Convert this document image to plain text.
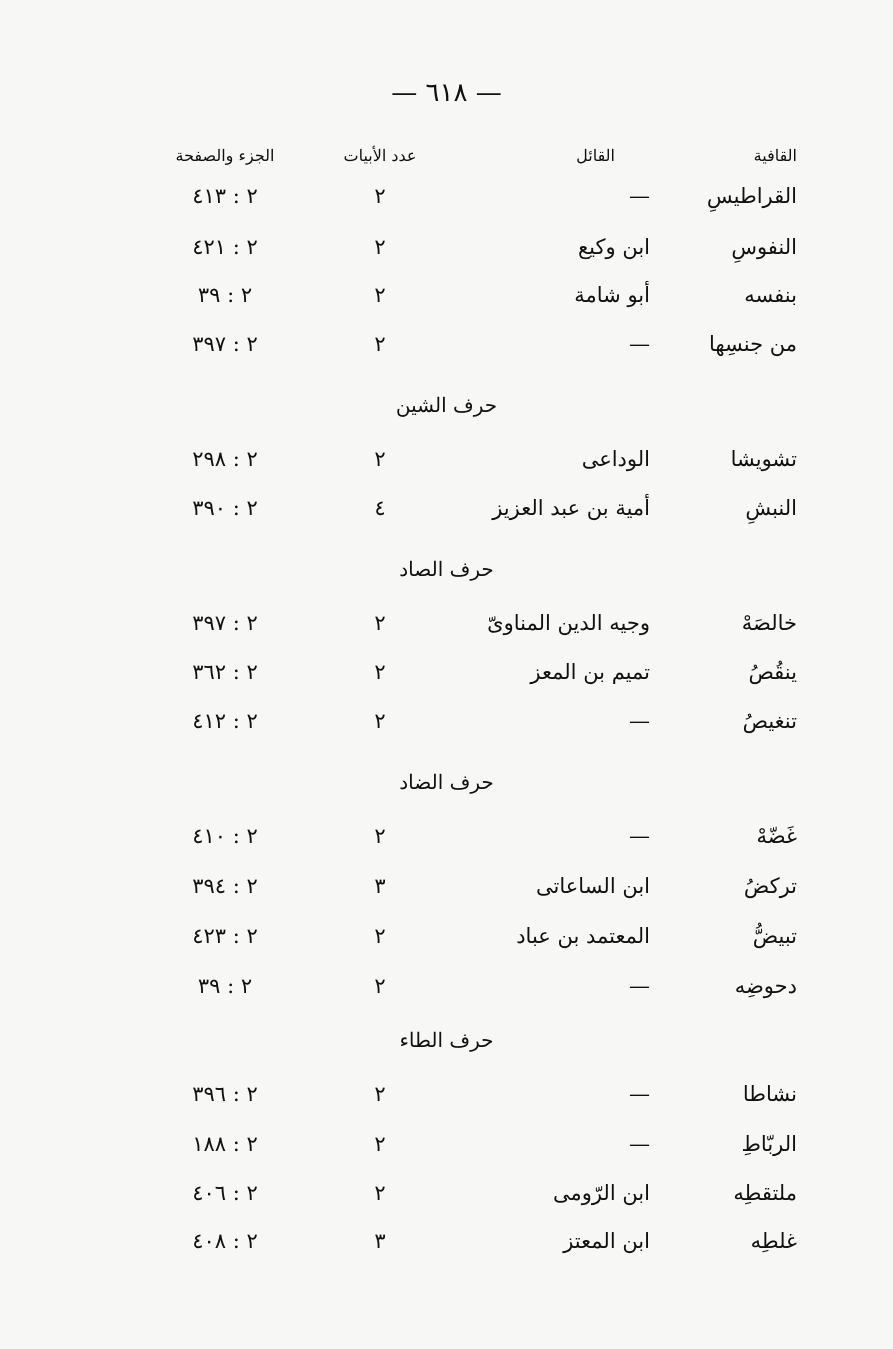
— ٦١٨ —
القافية
القائل
عدد الأبيات
الجزء والصفحة
القراطيسِ
—
٢
٢ : ٤١٣
النفوسِ
ابن وكيع
٢
٢ : ٤٢١
بنفسه
أبو شامة
٢
٢ : ٣٩
من جنسِها
—
٢
٢ : ٣٩٧
حرف الشين
تشويشا
الوداعى
٢
٢ : ٢٩٨
النبشِ
أمية بن عبد العزيز
٤
٢ : ٣٩٠
حرف الصاد
خالصَهْ
وجيه الدين المناوىّ
٢
٢ : ٣٩٧
ينقُصُ
تميم بن المعز
٢
٢ : ٣٦٢
تنغيصُ
—
٢
٢ : ٤١٢
حرف الضاد
غَضّهْ
—
٢
٢ : ٤١٠
تركضُ
ابن الساعاتى
٣
٢ : ٣٩٤
تبيضُّ
المعتمد بن عباد
٢
٢ : ٤٢٣
دحوضِه
—
٢
٢ : ٣٩
حرف الطاء
نشاطا
—
٢
٢ : ٣٩٦
الربّاطِ
—
٢
٢ : ١٨٨
ملتقطِه
ابن الرّومى
٢
٢ : ٤٠٦
غلطِه
ابن المعتز
٣
٢ : ٤٠٨
